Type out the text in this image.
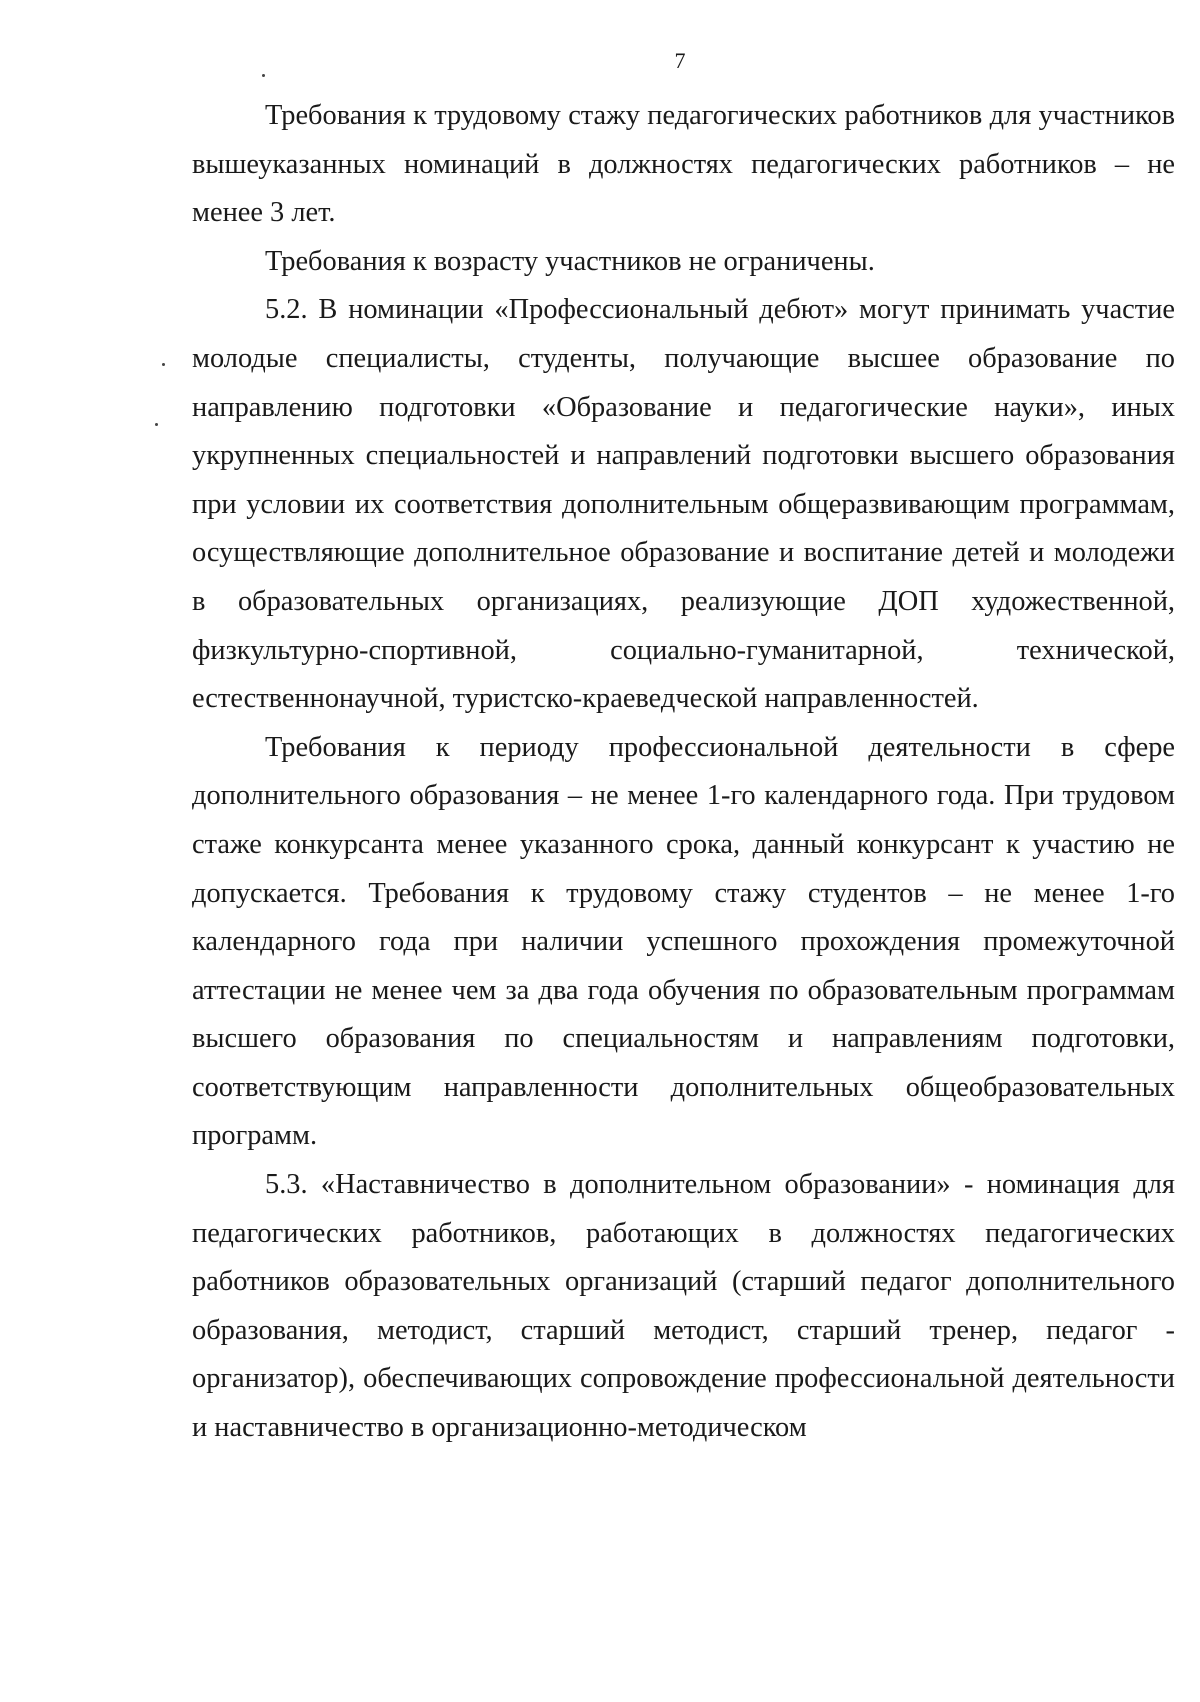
7

Требования к трудовому стажу педагогических работников для участников вышеуказанных номинаций в должностях педагогических работников – не менее 3 лет.

Требования к возрасту участников не ограничены.

5.2. В номинации «Профессиональный дебют» могут принимать участие молодые специалисты, студенты, получающие высшее образование по направлению подготовки «Образование и педагогические науки», иных укрупненных специальностей и направлений подготовки высшего образования при условии их соответствия дополнительным общеразвивающим программам, осуществляющие дополнительное образование и воспитание детей и молодежи в образовательных организациях, реализующие ДОП художественной, физкультурно-спортивной, социально-гуманитарной, технической, естественнонаучной, туристско-краеведческой направленностей.

Требования к периоду профессиональной деятельности в сфере дополнительного образования – не менее 1-го календарного года. При трудовом стаже конкурсанта менее указанного срока, данный конкурсант к участию не допускается. Требования к трудовому стажу студентов – не менее 1-го календарного года при наличии успешного прохождения промежуточной аттестации не менее чем за два года обучения по образовательным программам высшего образования по специальностям и направлениям подготовки, соответствующим направленности дополнительных общеобразовательных программ.

5.3. «Наставничество в дополнительном образовании» - номинация для педагогических работников, работающих в должностях педагогических работников образовательных организаций (старший педагог дополнительного образования, методист, старший методист, старший тренер, педагог - организатор), обеспечивающих сопровождение профессиональной деятельности и наставничество в организационно-методическом
